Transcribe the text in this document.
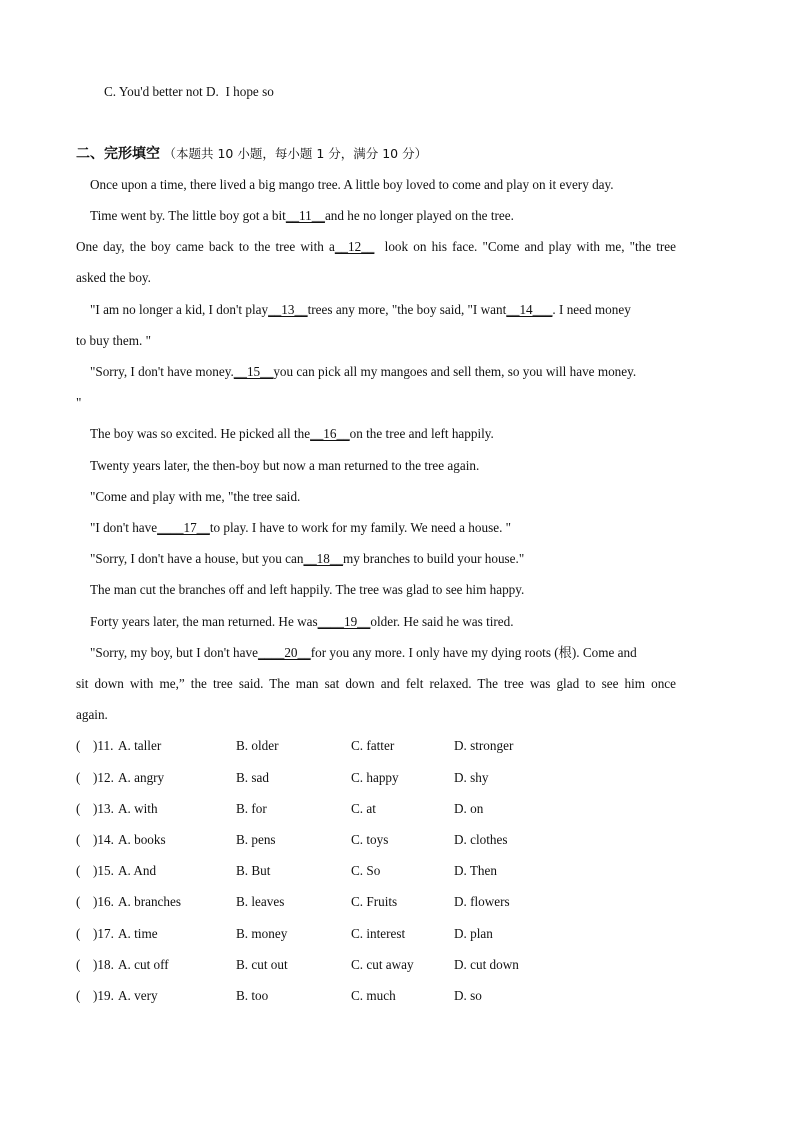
C. You'd better not D. I hope so
二、完形填空 （本题共 10 小题，每小题 1 分，满分 10 分）
Once upon a time, there lived a big mango tree. A little boy loved to come and play on it every day.
Time went by. The little boy got a bit__11__and he no longer played on the tree.
One day, the boy came back to the tree with a__12__ look on his face. "Come and play with me, "the tree
asked the boy.
"I am no longer a kid, I don't play__13__trees any more, "the boy said, "I want__14___. I need money
to buy them. "
"Sorry, I don't have money.__15__you can pick all my mangoes and sell them, so you will have money.
"
The boy was so excited. He picked all the__16__on the tree and left happily.
Twenty years later, the then-boy but now a man returned to the tree again.
"Come and play with me, "the tree said.
"I don't have____17__to play. I have to work for my family. We need a house. "
"Sorry, I don't have a house, but you can__18__my branches to build your house."
The man cut the branches off and left happily. The tree was glad to see him happy.
Forty years later, the man returned. He was____19__older. He said he was tired.
"Sorry, my boy, but I don't have____20__for you any more. I only have my dying roots (根). Come and
sit down with me,” the tree said. The man sat down and felt relaxed. The tree was glad to see him once
again.
( )11. A. taller	B. older	C. fatter	D. stronger
( )12. A. angry	B. sad	C. happy	D. shy
( )13. A. with	B. for	C. at	D. on
( )14. A. books	B. pens	C. toys	D. clothes
( )15. A. And	B. But	C. So	D. Then
( )16. A. branches	B. leaves	C. Fruits	D. flowers
( )17. A. time	B. money	C. interest	D. plan
( )18. A. cut off	B. cut out	C. cut away	D. cut down
( )19. A. very	B. too	C. much	D. so
